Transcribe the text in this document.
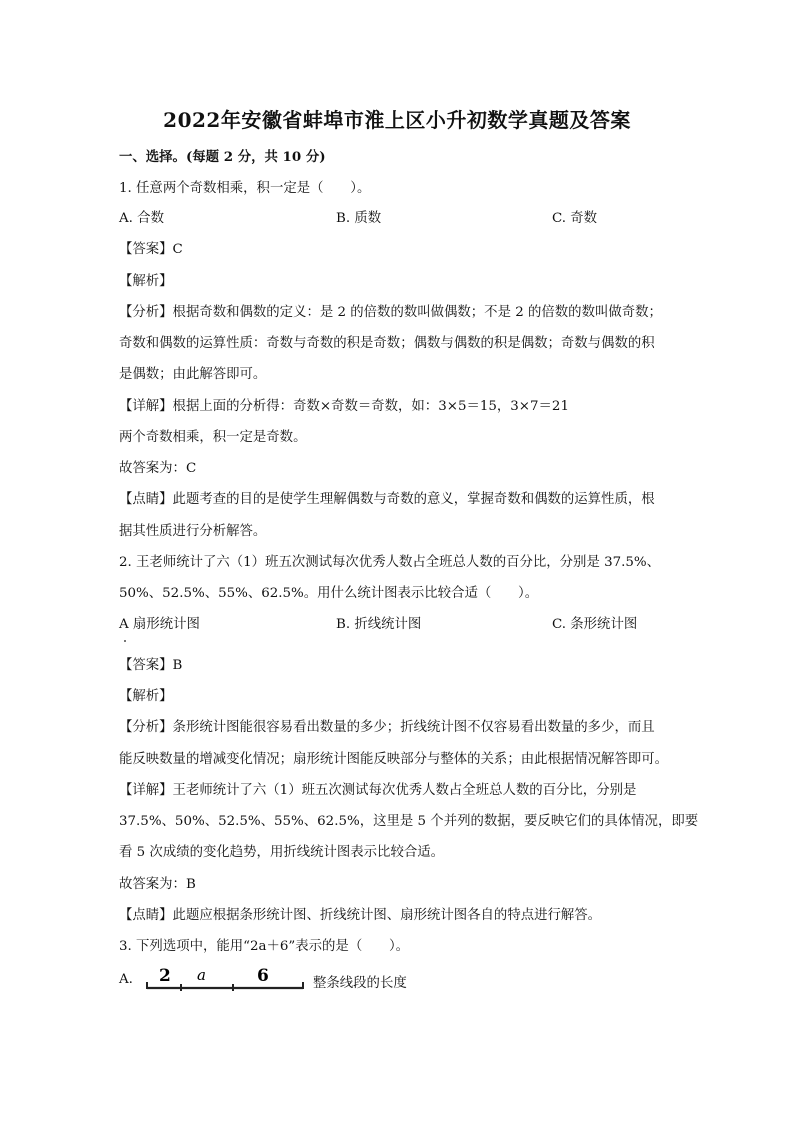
2022年安徽省蚌埠市淮上区小升初数学真题及答案
一、选择。(每题 2 分，共 10 分)
1. 任意两个奇数相乘，积一定是（　　）。
A. 合数	B. 质数	C. 奇数
【答案】C
【解析】
【分析】根据奇数和偶数的定义：是 2 的倍数的数叫做偶数；不是 2 的倍数的数叫做奇数；
奇数和偶数的运算性质：奇数与奇数的积是奇数；偶数与偶数的积是偶数；奇数与偶数的积
是偶数；由此解答即可。
【详解】根据上面的分析得：奇数×奇数＝奇数，如：3×5＝15，3×7＝21
两个奇数相乘，积一定是奇数。
故答案为：C
【点睛】此题考查的目的是使学生理解偶数与奇数的意义，掌握奇数和偶数的运算性质，根
据其性质进行分析解答。
2. 王老师统计了六（1）班五次测试每次优秀人数占全班总人数的百分比，分别是 37.5%、
50%、52.5%、55%、62.5%。用什么统计图表示比较合适（　　）。
A 扇形统计图	B. 折线统计图	C. 条形统计图
【答案】B
【解析】
【分析】条形统计图能很容易看出数量的多少；折线统计图不仅容易看出数量的多少，而且
能反映数量的增减变化情况；扇形统计图能反映部分与整体的关系；由此根据情况解答即可。
【详解】王老师统计了六（1）班五次测试每次优秀人数占全班总人数的百分比，分别是
37.5%、50%、52.5%、55%、62.5%，这里是 5 个并列的数据，要反映它们的具体情况，即要
看 5 次成绩的变化趋势，用折线统计图表示比较合适。
故答案为：B
【点睛】此题应根据条形统计图、折线统计图、扇形统计图各自的特点进行解答。
3. 下列选项中，能用“2a＋6”表示的是（　　）。
A. 2 a	6	整条线段的长度
